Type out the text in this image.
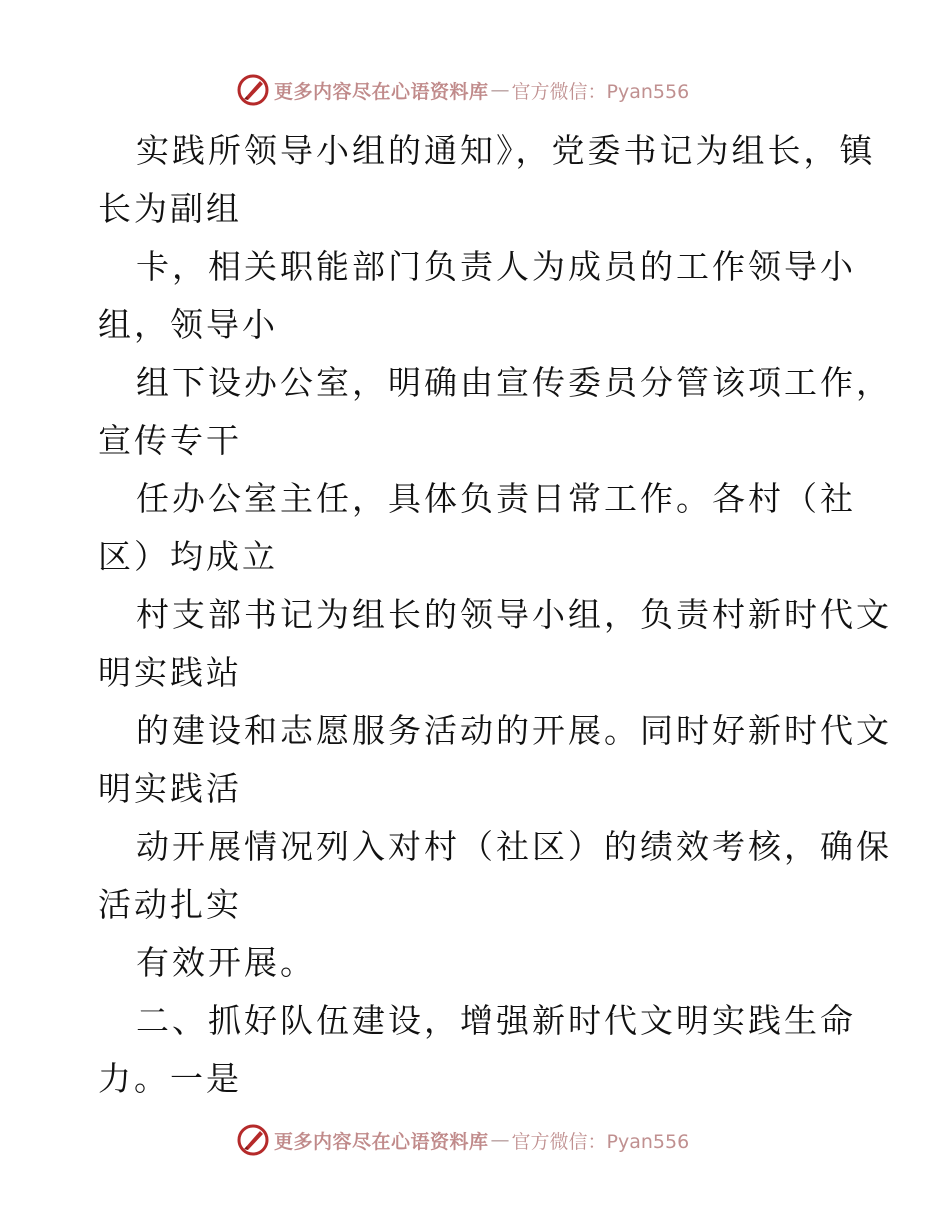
更多内容尽在心语资料库 — 官方微信：Pyan556
实践所领导小组的通知》，党委书记为组长，镇
长为副组
卡，相关职能部门负责人为成员的工作领导小
组，领导小
组下设办公室，明确由宣传委员分管该项工作，
宣传专干
任办公室主任，具体负责日常工作。各村（社
区）均成立
村支部书记为组长的领导小组，负责村新时代文
明实践站
的建设和志愿服务活动的开展。同时好新时代文
明实践活
动开展情况列入对村（社区）的绩效考核，确保
活动扎实
有效开展。
二、抓好队伍建设，增强新时代文明实践生命
力。一是
更多内容尽在心语资料库 — 官方微信：Pyan556
